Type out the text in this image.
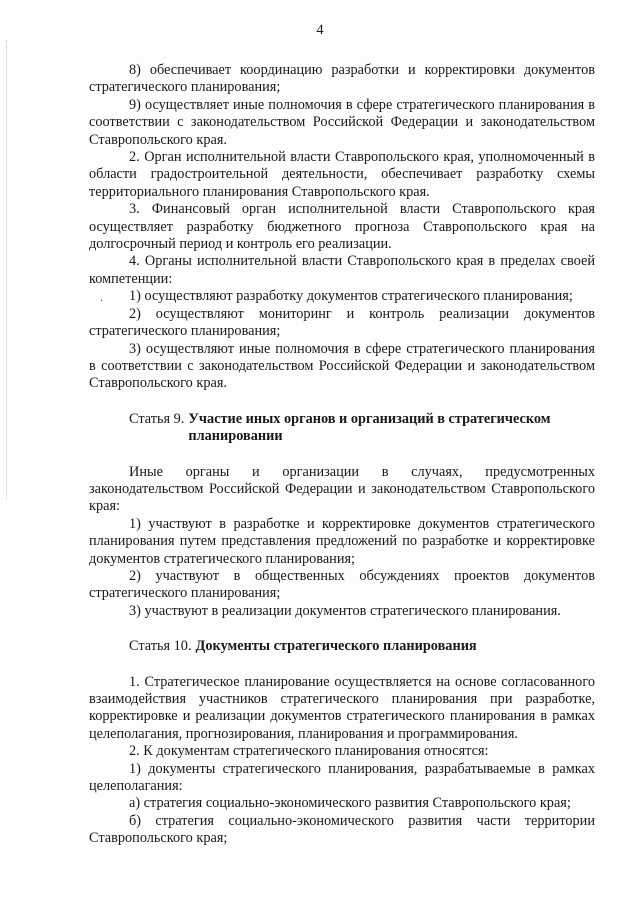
.
4

8) обеспечивает координацию разработки и корректировки документов стратегического планирования;

9) осуществляет иные полномочия в сфере стратегического планирования в соответствии с законодательством Российской Федерации и законодательством Ставропольского края.

2. Орган исполнительной власти Ставропольского края, уполномоченный в области градостроительной деятельности, обеспечивает разработку схемы территориального планирования Ставропольского края.

3. Финансовый орган исполнительной власти Ставропольского края осуществляет разработку бюджетного прогноза Ставропольского края на долгосрочный период и контроль его реализации.

4. Органы исполнительной власти Ставропольского края в пределах своей компетенции:

1) осуществляют разработку документов стратегического планирования;

2) осуществляют мониторинг и контроль реализации документов стратегического планирования;

3) осуществляют иные полномочия в сфере стратегического планирования в соответствии с законодательством Российской Федерации и законодательством Ставропольского края.

Статья 9. Участие иных органов и организаций в стратегическом планировании

Иные органы и организации в случаях, предусмотренных законодательством Российской Федерации и законодательством Ставропольского края:

1) участвуют в разработке и корректировке документов стратегического планирования путем представления предложений по разработке и корректировке документов стратегического планирования;

2) участвуют в общественных обсуждениях проектов документов стратегического планирования;

3) участвуют в реализации документов стратегического планирования.

Статья 10. Документы стратегического планирования

1. Стратегическое планирование осуществляется на основе согласованного взаимодействия участников стратегического планирования при разработке, корректировке и реализации документов стратегического планирования в рамках целеполагания, прогнозирования, планирования и программирования.

2. К документам стратегического планирования относятся:

1) документы стратегического планирования, разрабатываемые в рамках целеполагания:

а) стратегия социально-экономического развития Ставропольского края;

б) стратегия социально-экономического развития части территории Ставропольского края;
